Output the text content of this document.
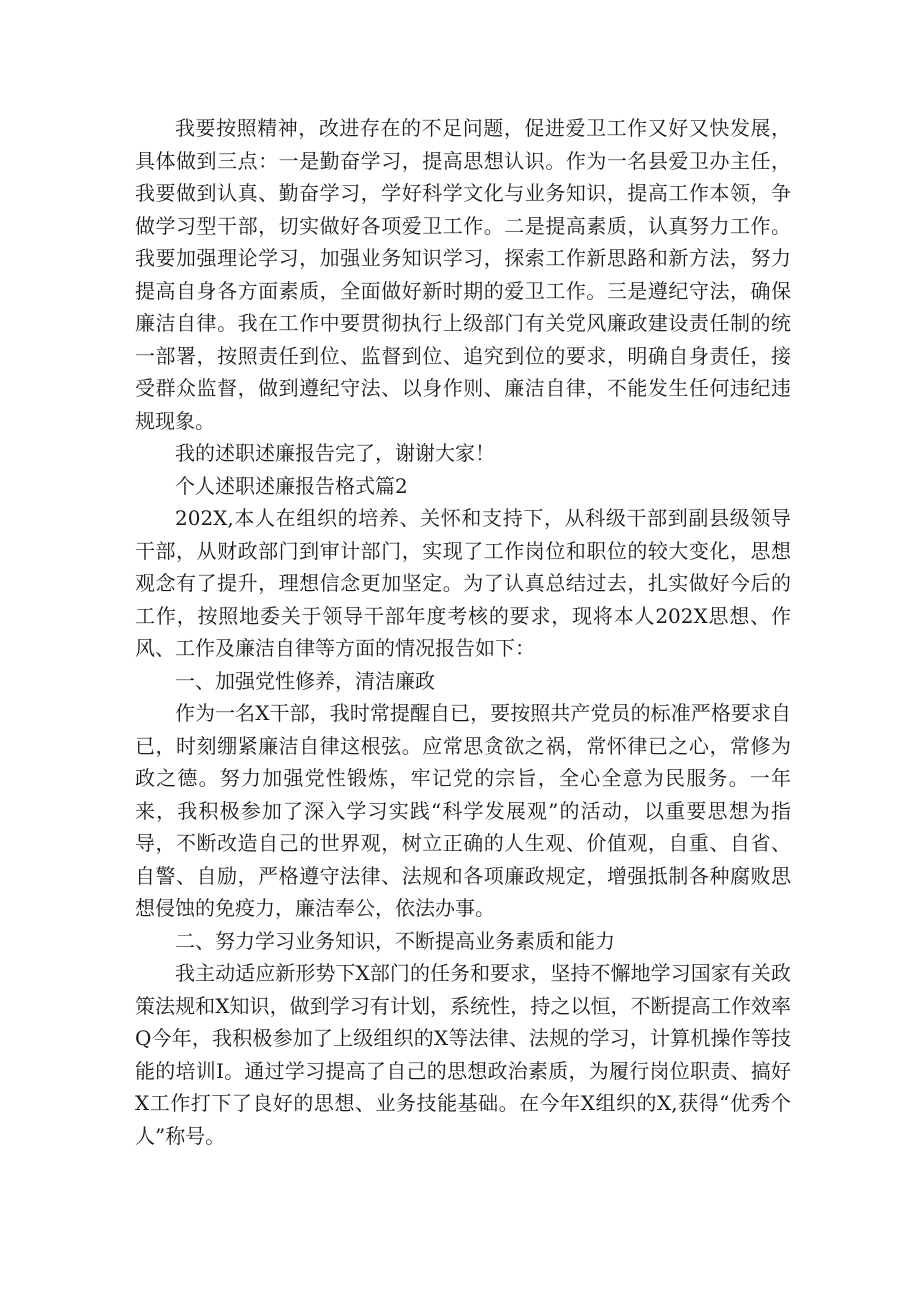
我要按照精神，改进存在的不足问题，促进爱卫工作又好又快发展，具体做到三点：一是勤奋学习，提高思想认识。作为一名县爱卫办主任，我要做到认真、勤奋学习，学好科学文化与业务知识，提高工作本领，争做学习型干部，切实做好各项爱卫工作。二是提高素质，认真努力工作。我要加强理论学习，加强业务知识学习，探索工作新思路和新方法，努力提高自身各方面素质，全面做好新时期的爱卫工作。三是遵纪守法，确保廉洁自律。我在工作中要贯彻执行上级部门有关党风廉政建设责任制的统一部署，按照责任到位、监督到位、追究到位的要求，明确自身责任，接受群众监督，做到遵纪守法、以身作则、廉洁自律，不能发生任何违纪违规现象。

我的述职述廉报告完了，谢谢大家！

个人述职述廉报告格式篇2

202X,本人在组织的培养、关怀和支持下，从科级干部到副县级领导干部，从财政部门到审计部门，实现了工作岗位和职位的较大变化，思想观念有了提升，理想信念更加坚定。为了认真总结过去，扎实做好今后的工作，按照地委关于领导干部年度考核的要求，现将本人202X思想、作风、工作及廉洁自律等方面的情况报告如下：

一、加强党性修养，清洁廉政

作为一名X干部，我时常提醒自已，要按照共产党员的标准严格要求自已，时刻绷紧廉洁自律这根弦。应常思贪欲之祸，常怀律已之心，常修为政之德。努力加强党性锻炼，牢记党的宗旨，全心全意为民服务。一年来，我积极参加了深入学习实践“科学发展观”的活动，以重要思想为指导，不断改造自己的世界观，树立正确的人生观、价值观，自重、自省、自警、自励，严格遵守法律、法规和各项廉政规定，增强抵制各种腐败思想侵蚀的免疫力，廉洁奉公，依法办事。

二、努力学习业务知识，不断提高业务素质和能力

我主动适应新形势下X部门的任务和要求，坚持不懈地学习国家有关政策法规和X知识，做到学习有计划，系统性，持之以恒，不断提高工作效率Q今年，我积极参加了上级组织的X等法律、法规的学习，计算机操作等技能的培训I。通过学习提高了自己的思想政治素质，为履行岗位职责、搞好X工作打下了良好的思想、业务技能基础。在今年X组织的X,获得“优秀个人”称号。
